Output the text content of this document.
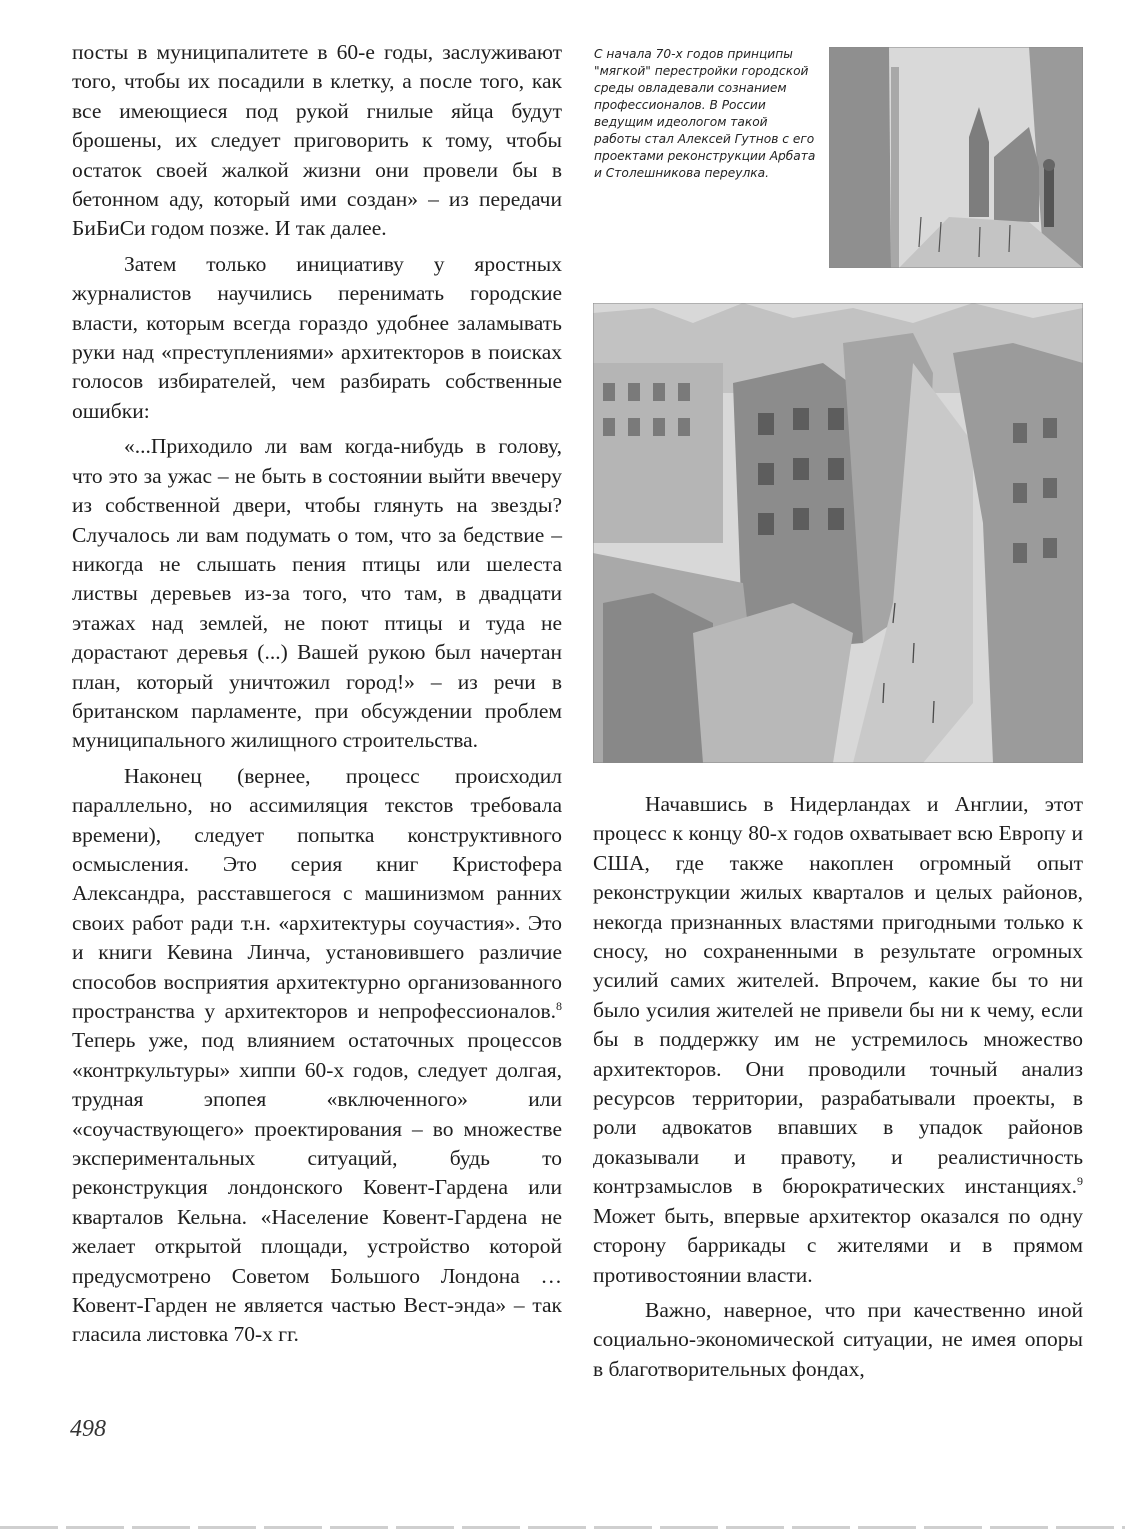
посты в муниципалитете в 60-е годы, заслуживают того, чтобы их посадили в клетку, а после того, как все имеющиеся под рукой гнилые яйца будут брошены, их следует приговорить к тому, чтобы остаток своей жалкой жизни они провели бы в бетонном аду, который ими создан» – из передачи БиБиСи годом позже. И так далее.

Затем только инициативу у яростных журналистов научились перенимать городские власти, которым всегда гораздо удобнее заламывать руки над «преступлениями» архитекторов в поисках голосов избирателей, чем разбирать собственные ошибки:

«...Приходило ли вам когда-нибудь в голову, что это за ужас – не быть в состоянии выйти ввечеру из собственной двери, чтобы глянуть на звезды? Случалось ли вам подумать о том, что за бедствие – никогда не слышать пения птицы или шелеста листвы деревьев из-за того, что там, в двадцати этажах над землей, не поют птицы и туда не дорастают деревья (...) Вашей рукою был начертан план, который уничтожил город!» – из речи в британском парламенте, при обсуждении проблем муниципального жилищного строительства.

Наконец (вернее, процесс происходил параллельно, но ассимиляция текстов требовала времени), следует попытка конструктивного осмысления. Это серия книг Кристофера Александра, расставшегося с машинизмом ранних своих работ ради т.н. «архитектуры соучастия». Это и книги Кевина Линча, установившего различие способов восприятия архитектурно организованного пространства у архитекторов и непрофессионалов.$^8$ Теперь уже, под влиянием остаточных процессов «контркультуры» хиппи 60-х годов, следует долгая, трудная эпопея «включенного» или «соучаствующего» проектирования – во множестве экспериментальных ситуаций, будь то реконструкция лондонского Ковент-Гардена или кварталов Кельна. «Население Ковент-Гардена не желает открытой площади, устройство которой предусмотрено Советом Большого Лондона … Ковент-Гарден не является частью Вест-энда» – так гласила листовка 70-х гг.

С начала 70-х годов принципы "мягкой" перестройки городской среды овладевали сознанием профессионалов. В России ведущим идеологом такой работы стал Алексей Гутнов с его проектами реконструкции Арбата и Столешникова переулка.

Начавшись в Нидерландах и Англии, этот процесс к концу 80-х годов охватывает всю Европу и США, где также накоплен огромный опыт реконструкции жилых кварталов и целых районов, некогда признанных властями пригодными только к сносу, но сохраненными в результате огромных усилий самих жителей. Впрочем, какие бы то ни было усилия жителей не привели бы ни к чему, если бы в поддержку им не устремилось множество архитекторов. Они проводили точный анализ ресурсов территории, разрабатывали проекты, в роли адвокатов впавших в упадок районов доказывали и правоту, и реалистичность контрзамыслов в бюрократических инстанциях.$^9$ Может быть, впервые архитектор оказался по одну сторону баррикады с жителями и в прямом противостоянии власти.

Важно, наверное, что при качественно иной социально-экономической ситуации, не имея опоры в благотворительных фондах,

498
